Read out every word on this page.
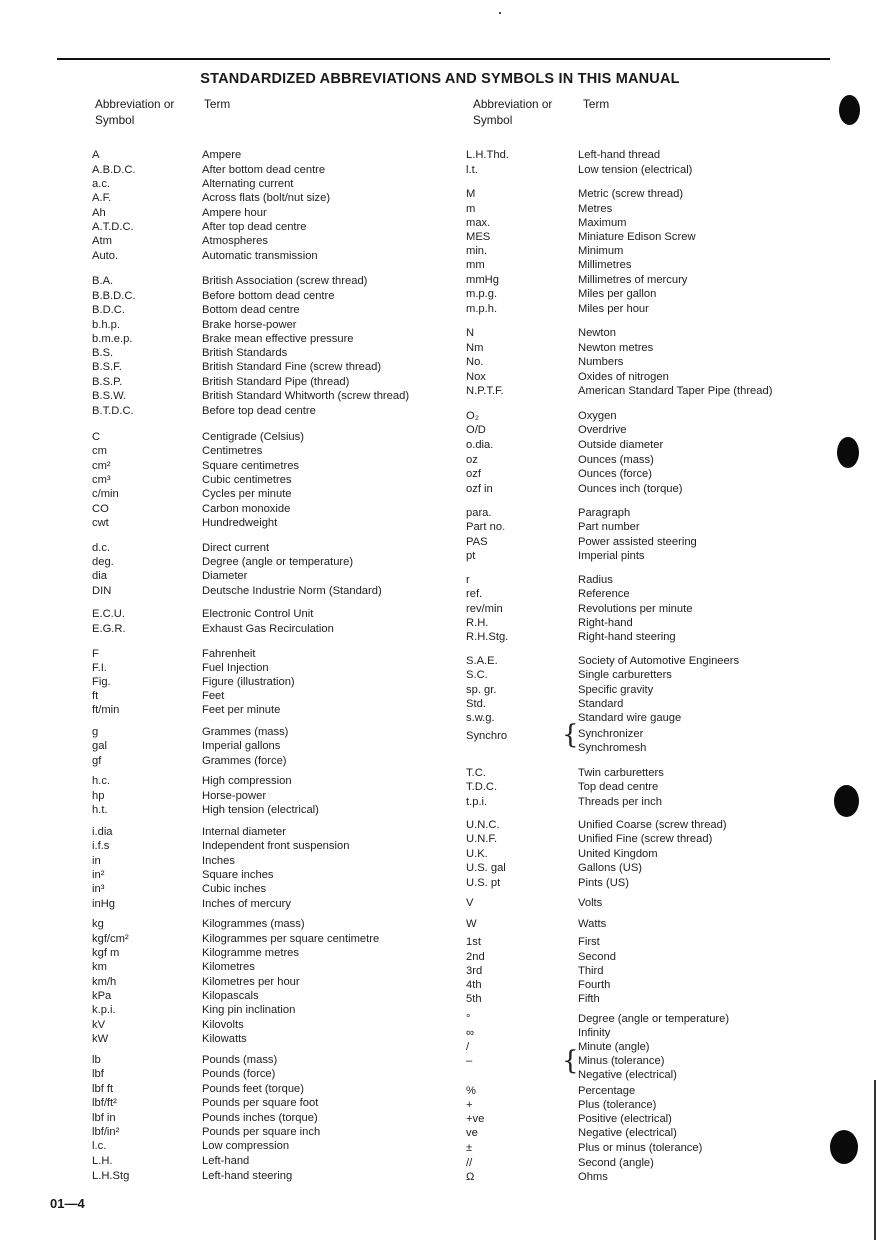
STANDARDIZED ABBREVIATIONS AND SYMBOLS IN THIS MANUAL
Abbreviation or
Symbol
Term	Abbreviation or
Symbol
Term
A	Ampere
A.B.D.C.	After bottom dead centre
a.c.	Alternating current
A.F.	Across flats (bolt/nut size)
Ah	Ampere hour
A.T.D.C.	After top dead centre
Atm	Atmospheres
Auto.	Automatic transmission
B.A.	British Association (screw thread)
B.B.D.C.	Before bottom dead centre
B.D.C.	Bottom dead centre
b.h.p.	Brake horse-power
b.m.e.p.	Brake mean effective pressure
B.S.	British Standards
B.S.F.	British Standard Fine (screw thread)
B.S.P.	British Standard Pipe (thread)
B.S.W.	British Standard Whitworth (screw thread)
B.T.D.C.	Before top dead centre
C	Centigrade (Celsius)
cm	Centimetres
cm²	Square centimetres
cm³	Cubic centimetres
c/min	Cycles per minute
CO	Carbon monoxide
cwt	Hundredweight
d.c.	Direct current
deg.	Degree (angle or temperature)
dia	Diameter
DIN	Deutsche Industrie Norm (Standard)
E.C.U.	Electronic Control Unit
E.G.R.	Exhaust Gas Recirculation
F	Fahrenheit
F.I.	Fuel Injection
Fig.	Figure (illustration)
ft	Feet
ft/min	Feet per minute
g	Grammes (mass)
gal	Imperial gallons
gf	Grammes (force)
h.c.	High compression
hp	Horse-power
h.t.	High tension (electrical)
i.dia	Internal diameter
i.f.s	Independent front suspension
in	Inches
in²	Square inches
in³	Cubic inches
inHg	Inches of mercury
kg	Kilogrammes (mass)
kgf/cm²	Kilogrammes per square centimetre
kgf m	Kilogramme metres
km	Kilometres
km/h	Kilometres per hour
kPa	Kilopascals
k.p.i.	King pin inclination
kV	Kilovolts
kW	Kilowatts
lb	Pounds (mass)
lbf	Pounds (force)
lbf ft	Pounds feet (torque)
lbf/ft²	Pounds per square foot
lbf in	Pounds inches (torque)
lbf/in²	Pounds per square inch
l.c.	Low compression
L.H.	Left-hand
L.H.Stg	Left-hand steering
L.H.Thd.	Left-hand thread
l.t.	Low tension (electrical)
M	Metric (screw thread)
m	Metres
max.	Maximum
MES	Miniature Edison Screw
min.	Minimum
mm	Millimetres
mmHg	Millimetres of mercury
m.p.g.	Miles per gallon
m.p.h.	Miles per hour
N	Newton
Nm	Newton metres
No.	Numbers
Nox	Oxides of nitrogen
N.P.T.F.	American Standard Taper Pipe (thread)
O₂	Oxygen
O/D	Overdrive
o.dia.	Outside diameter
oz	Ounces (mass)
ozf	Ounces (force)
ozf in	Ounces inch (torque)
para.	Paragraph
Part no.	Part number
PAS	Power assisted steering
pt	Imperial pints
r	Radius
ref.	Reference
rev/min	Revolutions per minute
R.H.	Right-hand
R.H.Stg.	Right-hand steering
S.A.E.	Society of Automotive Engineers
S.C.	Single carburetters
sp. gr.	Specific gravity
Std.	Standard
s.w.g.	Standard wire gauge
Synchro	Synchronizer
Synchromesh
T.C.	Twin carburetters
T.D.C.	Top dead centre
t.p.i.	Threads per inch
U.N.C.	Unified Coarse (screw thread)
U.N.F.	Unified Fine (screw thread)
U.K.	United Kingdom
U.S. gal	Gallons (US)
U.S. pt	Pints (US)
V	Volts
W	Watts
1st	First
2nd	Second
3rd	Third
4th	Fourth
5th	Fifth
°	Degree (angle or temperature)
∞	Infinity
/	Minute (angle)
–	Minus (tolerance)
Negative (electrical)
%	Percentage
+	Plus (tolerance)
+ve	Positive (electrical)
ve	Negative (electrical)
±	Plus or minus (tolerance)
//	Second (angle)
Ω	Ohms
{
{
01—4
